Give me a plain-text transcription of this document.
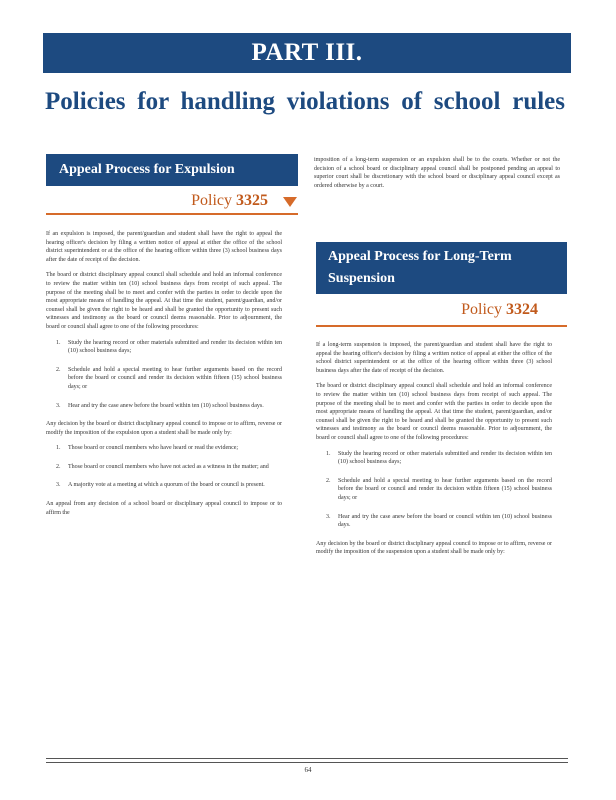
PART III.
Policies for handling violations of school rules
Appeal Process for Expulsion
Policy 3325

If an expulsion is imposed, the parent/guardian and student shall have the right to appeal the hearing officer's decision by filing a written notice of appeal at either the office of the school district superintendent or at the office of the hearing officer within three (3) school business days after the date of receipt of the decision.

The board or district disciplinary appeal council shall schedule and hold an informal conference to review the matter within ten (10) school business days from receipt of such appeal. The purpose of the meeting shall be to meet and confer with the parties in order to decide upon the most appropriate means of handling the appeal. At that time the student, parent/guardian, and/or counsel shall be given the right to be heard and shall be granted the opportunity to present such witnesses and testimony as the board or council deems reasonable. Prior to adjournment, the board or council shall agree to one of the following procedures:

1. Study the hearing record or other materials submitted and render its decision within ten (10) school business days;
2. Schedule and hold a special meeting to hear further arguments based on the record before the board or council and render its decision within fifteen (15) school business days; or
3. Hear and try the case anew before the board within ten (10) school business days.

Any decision by the board or district disciplinary appeal council to impose or to affirm, reverse or modify the imposition of the expulsion upon a student shall be made only by:

1. Those board or council members who have heard or read the evidence;
2. Those board or council members who have not acted as a witness in the matter; and
3. A majority vote at a meeting at which a quorum of the board or council is present.

An appeal from any decision of a school board or disciplinary appeal council to impose or to affirm the

imposition of a long-term suspension or an expulsion shall be to the courts. Whether or not the decision of a school board or disciplinary appeal council shall be postponed pending an appeal to superior court shall be discretionary with the school board or disciplinary appeal council except as ordered otherwise by a court.

Appeal Process for Long-Term Suspension
Policy 3324

If a long-term suspension is imposed, the parent/guardian and student shall have the right to appeal the hearing officer's decision by filing a written notice of appeal at either the office of the school district superintendent or at the office of the hearing officer within three (3) school business days after the date of receipt of the decision.

The board or district disciplinary appeal council shall schedule and hold an informal conference to review the matter within ten (10) school business days from receipt of such appeal. The purpose of the meeting shall be to meet and confer with the parties in order to decide upon the most appropriate means of handling the appeal. At that time the student, parent/guardian, and/or counsel shall be given the right to be heard and shall be granted the opportunity to present such witnesses and testimony as the board or council deems reasonable. Prior to adjournment, the board or council shall agree to one of the following procedures:

1. Study the hearing record or other materials submitted and render its decision within ten (10) school business days;
2. Schedule and hold a special meeting to hear further arguments based on the record before the board or council and render its decision within fifteen (15) school business days; or
3. Hear and try the case anew before the board or council within ten (10) school business days.

Any decision by the board or district disciplinary appeal council to impose or to affirm, reverse or modify the imposition of the suspension upon a student shall be made only by:

64
